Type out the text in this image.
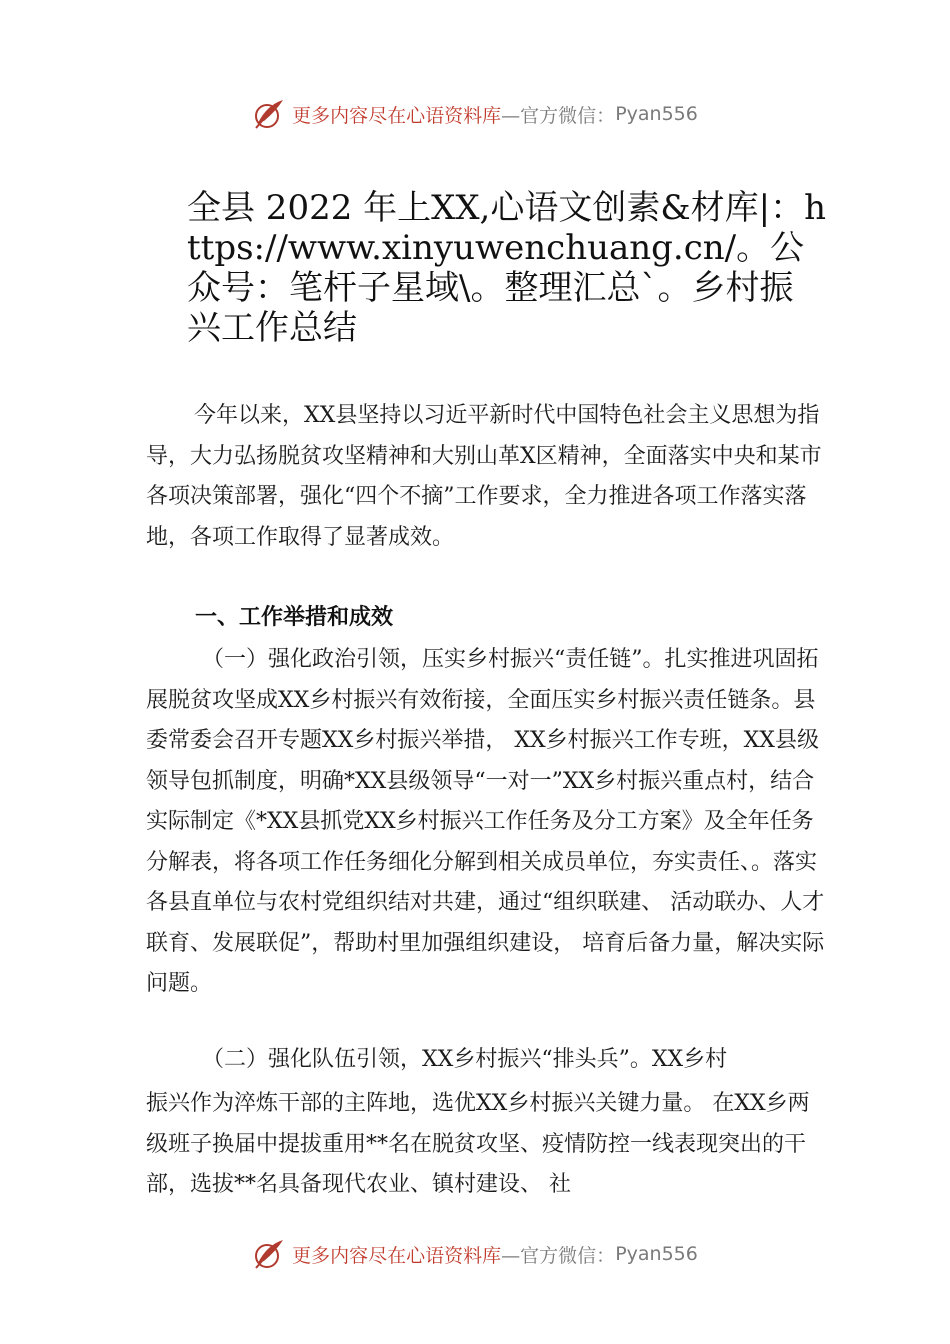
更多内容尽在心语资料库 —官方微信： Pyan556
全县 2022 年上XX,心语文创素&材库|：https://www.xinyuwenchuang.cn/。公众号：笔杆子星域\。整理汇总`。乡村振兴工作总结

今年以来，XX县坚持以习近平新时代中国特色社会主义思想为指导，大力弘扬脱贫攻坚精神和大别山革X区精神，全面落实中央和某市各项决策部署，强化“四个不摘”工作要求，全力推进各项工作落实落地，各项工作取得了显著成效。

一、工作举措和成效

（一）强化政治引领，压实乡村振兴“责任链”。扎实推进巩固拓展脱贫攻坚成XX乡村振兴有效衔接，全面压实乡村振兴责任链条。县委常委会召开专题XX乡村振兴举措， XX乡村振兴工作专班，XX县级领导包抓制度，明确*XX县级领导“一对一”XX乡村振兴重点村，结合实际制定《*XX县抓党XX乡村振兴工作任务及分工方案》及全年任务分解表，将各项工作任务细化分解到相关成员单位，夯实责任、。落实各县直单位与农村党组织结对共建，通过“组织联建、 活动联办、人才联育、发展联促”，帮助村里加强组织建设， 培育后备力量，解决实际问题。

（二）强化队伍引领，XX乡村振兴“排头兵”。XX乡村

振兴作为淬炼干部的主阵地，选优XX乡村振兴关键力量。 在XX乡两级班子换届中提拔重用**名在脱贫攻坚、疫情防控一线表现突出的干部，选拔**名具备现代农业、镇村建设、 社

更多内容尽在心语资料库 —官方微信： Pyan556
